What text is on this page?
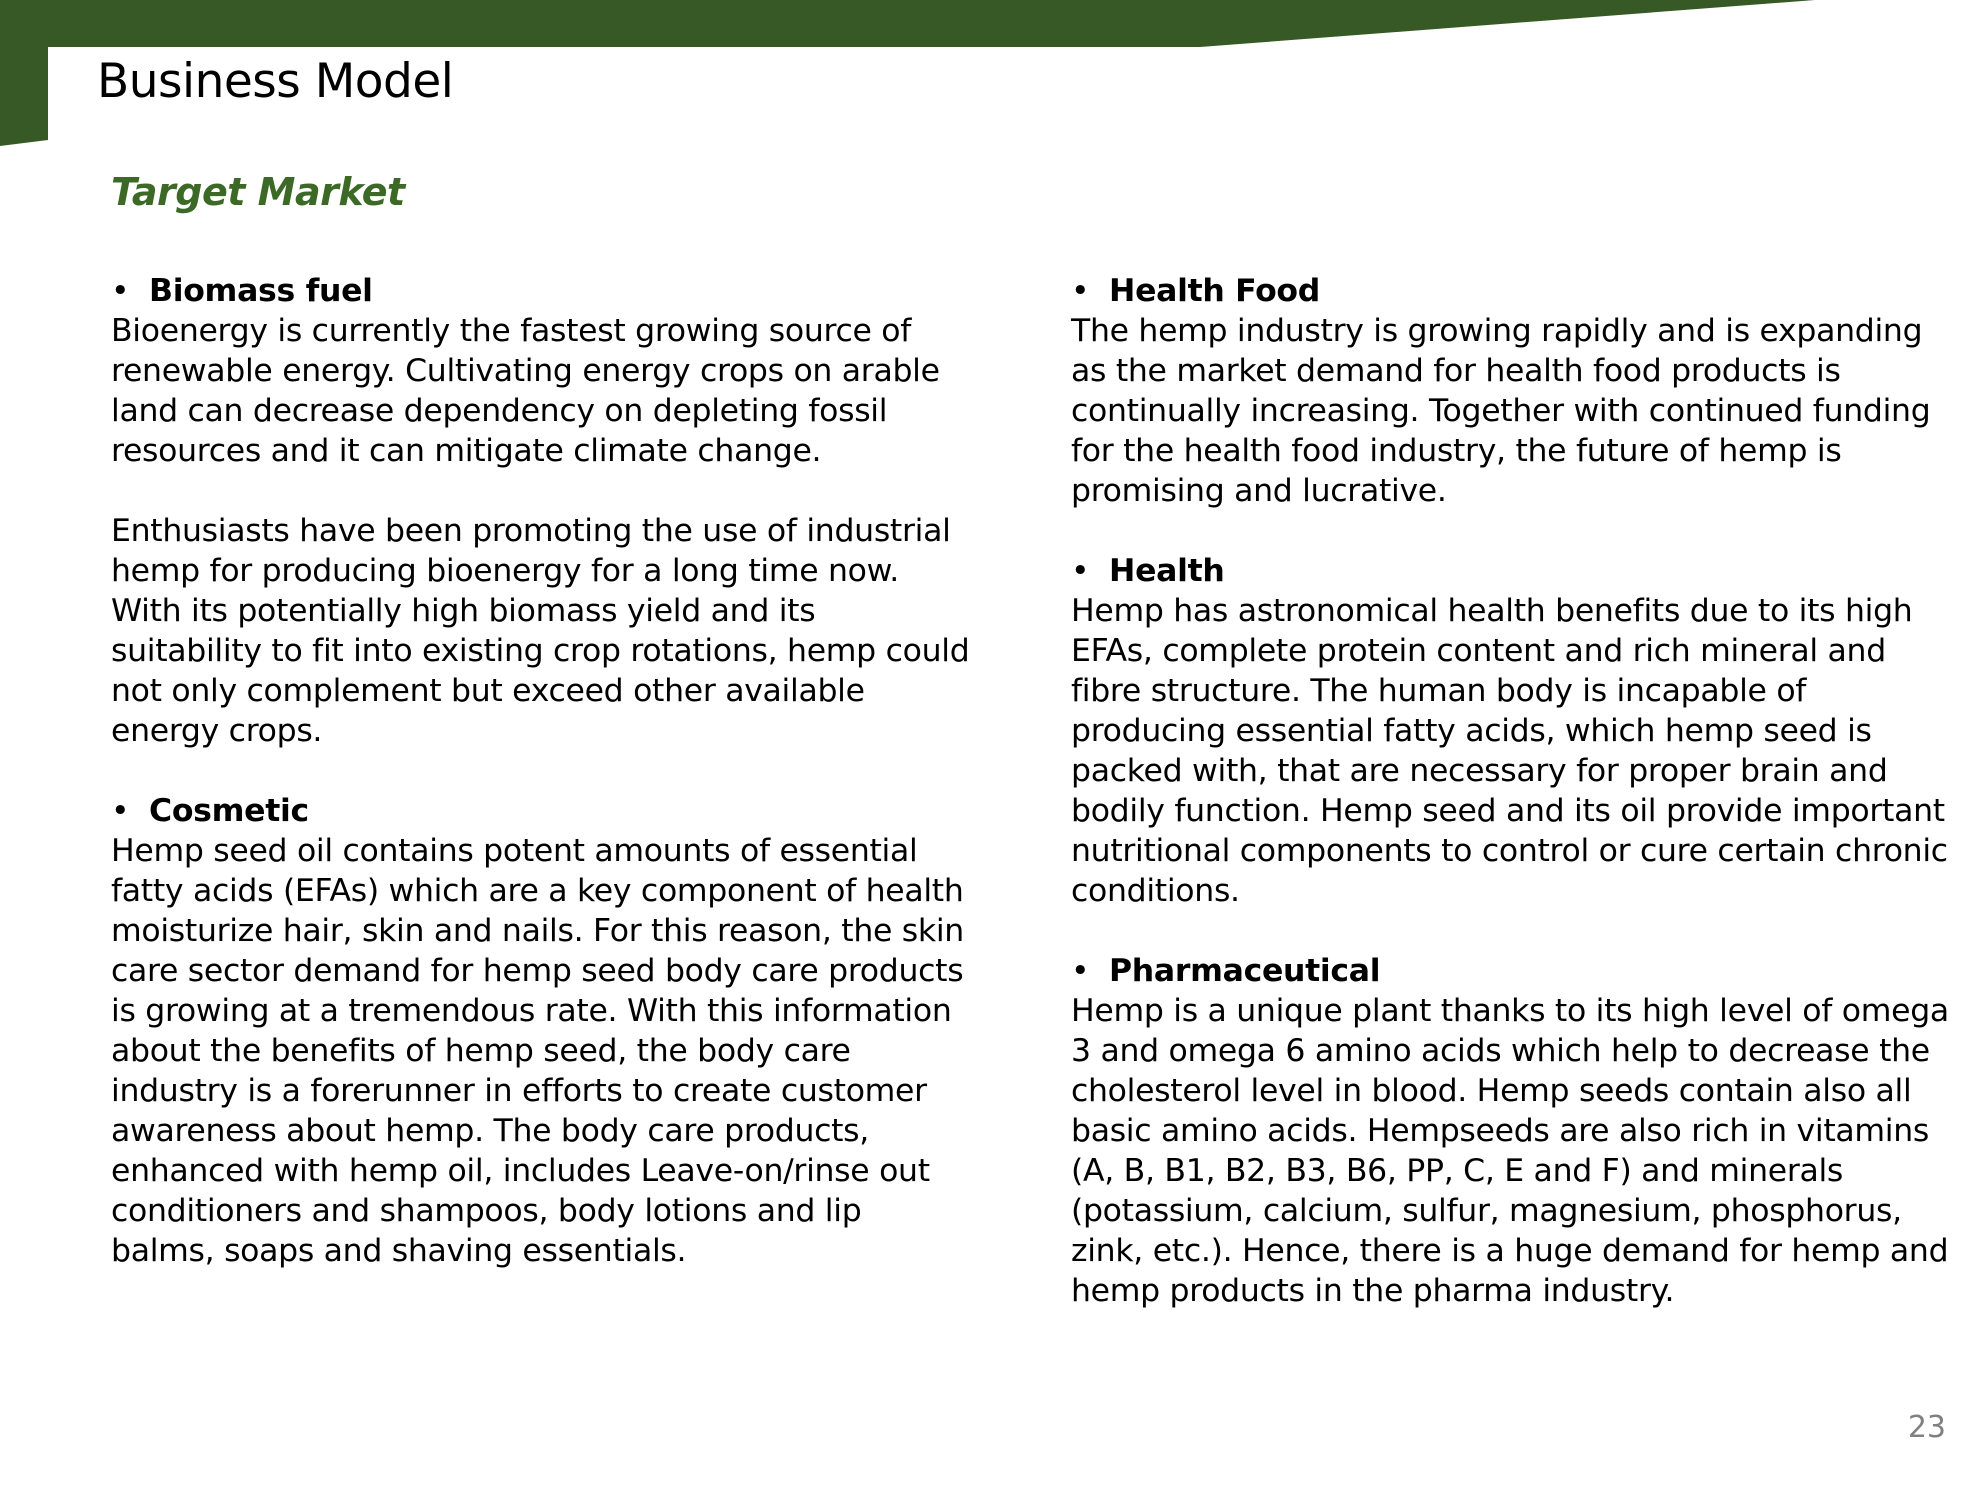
Business Model
Target Market
• Biomass fuel

Bioenergy is currently the fastest growing source of renewable energy. Cultivating energy crops on arable land can decrease dependency on depleting fossil resources and it can mitigate climate change.

Enthusiasts have been promoting the use of industrial hemp for producing bioenergy for a long time now. With its potentially high biomass yield and its suitability to fit into existing crop rotations, hemp could not only complement but exceed other available energy crops.

• Cosmetic

Hemp seed oil contains potent amounts of essential fatty acids (EFAs) which are a key component of health moisturize hair, skin and nails. For this reason, the skin care sector demand for hemp seed body care products is growing at a tremendous rate. With this information about the benefits of hemp seed, the body care industry is a forerunner in efforts to create customer awareness about hemp. The body care products, enhanced with hemp oil, includes Leave-on/rinse out conditioners and shampoos, body lotions and lip balms, soaps and shaving essentials.

• Health Food

The hemp industry is growing rapidly and is expanding as the market demand for health food products is continually increasing. Together with continued funding for the health food industry, the future of hemp is promising and lucrative.

• Health

Hemp has astronomical health benefits due to its high EFAs, complete protein content and rich mineral and fibre structure. The human body is incapable of producing essential fatty acids, which hemp seed is packed with, that are necessary for proper brain and bodily function. Hemp seed and its oil provide important nutritional components to control or cure certain chronic conditions.

• Pharmaceutical

Hemp is a unique plant thanks to its high level of omega 3 and omega 6 amino acids which help to decrease the cholesterol level in blood. Hemp seeds contain also all basic amino acids. Hempseeds are also rich in vitamins (A, B, B1, B2, B3, B6, PP, C, E and F) and minerals (potassium, calcium, sulfur, magnesium, phosphorus, zink, etc.). Hence, there is a huge demand for hemp and hemp products in the pharma industry.

23
